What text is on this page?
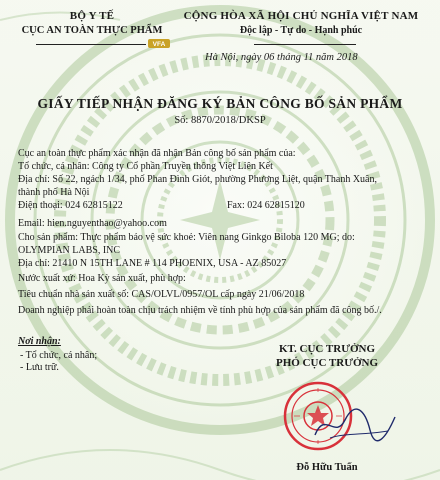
BỘ Y TẾ
CỤC AN TOÀN THỰC PHẨM
VFA
CỘNG HÒA XÃ HỘI CHỦ NGHĨA VIỆT NAM
Độc lập - Tự do - Hạnh phúc
Hà Nội, ngày 06 tháng 11 năm 2018
GIẤY TIẾP NHẬN ĐĂNG KÝ BẢN CÔNG BỐ SẢN PHẨM
Số: 8870/2018/DKSP
Cục an toàn thực phẩm xác nhận đã nhận Bản công bố sản phẩm của:
Tổ chức, cá nhân: Công ty Cổ phần Truyền thông Việt Liên Kết
Địa chỉ: Số 22, ngách 1/34, phố Phan Đình Giót, phường Phương Liệt, quận Thanh Xuân,
thành phố Hà Nội
Điện thoại: 024 62815122	Fax: 024 62815120
Email: hien.nguyenthao@yahoo.com
Cho sản phẩm: Thực phẩm bảo vệ sức khoẻ: Viên nang Ginkgo Biloba 120 MG; do:
OLYMPIAN LABS, INC
Địa chỉ: 21410 N 15TH LANE # 114 PHOENIX, USA - AZ 85027
Nước xuất xứ: Hoa Kỳ sản xuất, phù hợp:
Tiêu chuẩn nhà sản xuất số: CAS/OLVL/0957/OL cấp ngày 21/06/2018
Doanh nghiệp phải hoàn toàn chịu trách nhiệm về tính phù hợp của sản phẩm đã công bố./.
Nơi nhận:
- Tổ chức, cá nhân;
- Lưu trữ.
KT. CỤC TRƯỞNG
PHÓ CỤC TRƯỞNG
Đỗ Hữu Tuấn
